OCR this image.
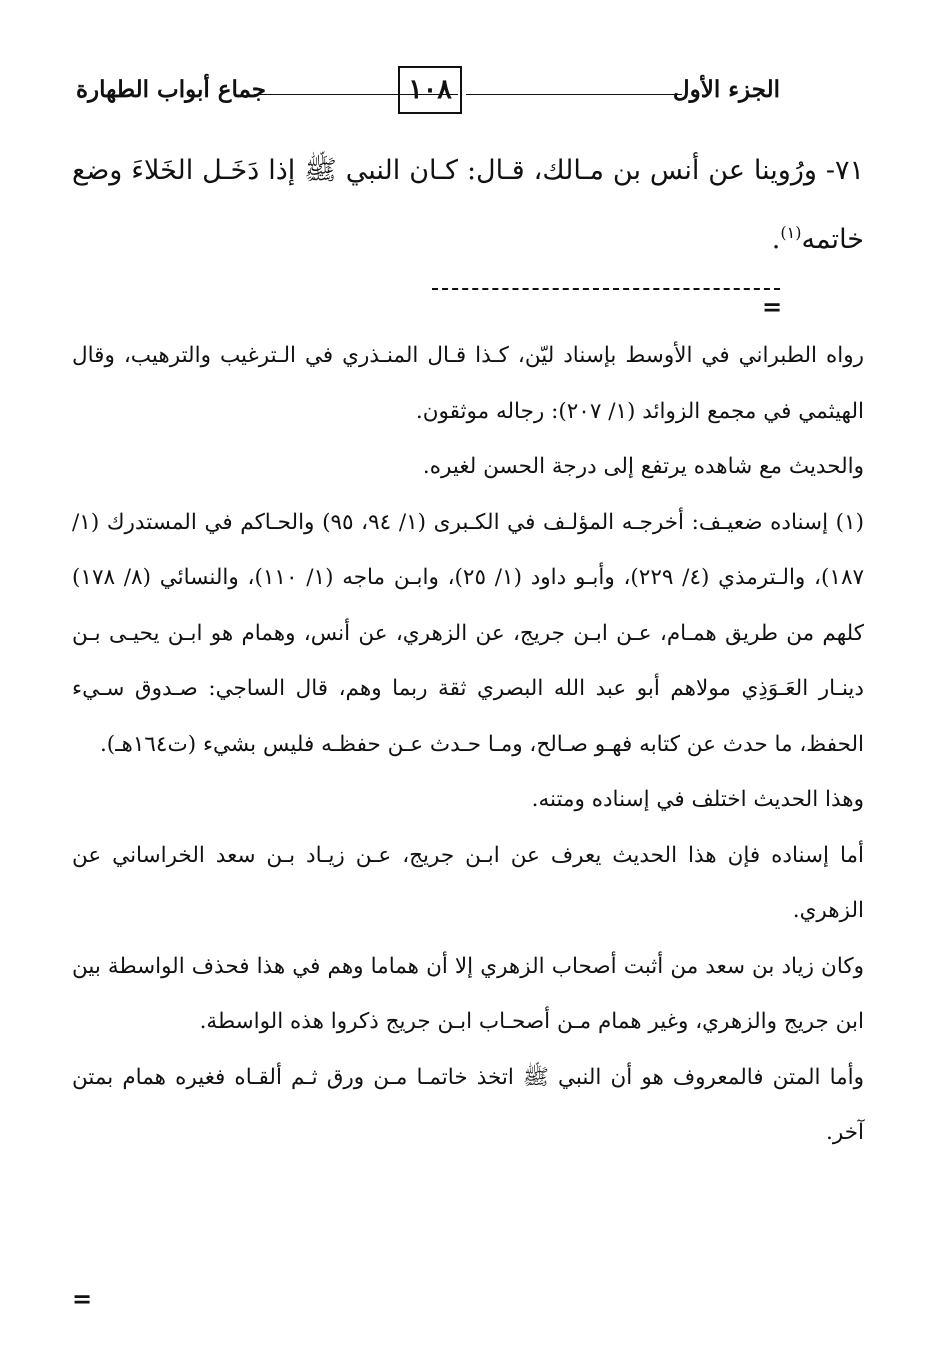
الجزء الأول
١٠٨
جماع أبواب الطهارة
٧١- ورُوينا عن أنس بن مـالك، قـال: كـان النبي ﷺ إذا دَخَـل الخَلاءَ وضع خاتمه$^{(١)}$.
=

رواه الطبراني في الأوسط بإسناد ليّن، كـذا قـال المنـذري في الـترغيب والترهيب، وقال الهيثمي في مجمع الزوائد (١/ ٢٠٧): رجاله موثقون.

والحديث مع شاهده يرتفع إلى درجة الحسن لغيره.

(١) إسناده ضعيـف: أخرجـه المؤلـف في الكـبرى (١/ ٩٤، ٩٥) والحـاكم في المستدرك (١/ ١٨٧)، والـترمذي (٤/ ٢٢٩)، وأبـو داود (١/ ٢٥)، وابـن ماجه (١/ ١١٠)، والنسائي (٨/ ١٧٨) كلهم من طريق همـام، عـن ابـن جريج، عن الزهري، عن أنس، وهمام هو ابـن يحيـى بـن دينـار العَـوَذِي مولاهم أبو عبد الله البصري ثقة ربما وهم، قال الساجي: صـدوق سـيء الحفظ، ما حدث عن كتابه فهـو صـالح، ومـا حـدث عـن حفظـه فليس بشيء (ت١٦٤هـ).

وهذا الحديث اختلف في إسناده ومتنه.

أما إسناده فإن هذا الحديث يعرف عن ابـن جريج، عـن زيـاد بـن سعد الخراساني عن الزهري.

وكان زياد بن سعد من أثبت أصحاب الزهري إلا أن هماما وهم في هذا فحذف الواسطة بين ابن جريج والزهري، وغير همام مـن أصحـاب ابـن جريج ذكروا هذه الواسطة.

وأما المتن فالمعروف هو أن النبي ﷺ اتخذ خاتمـا مـن ورق ثـم ألقـاه فغيره همام بمتن آخر.

=
